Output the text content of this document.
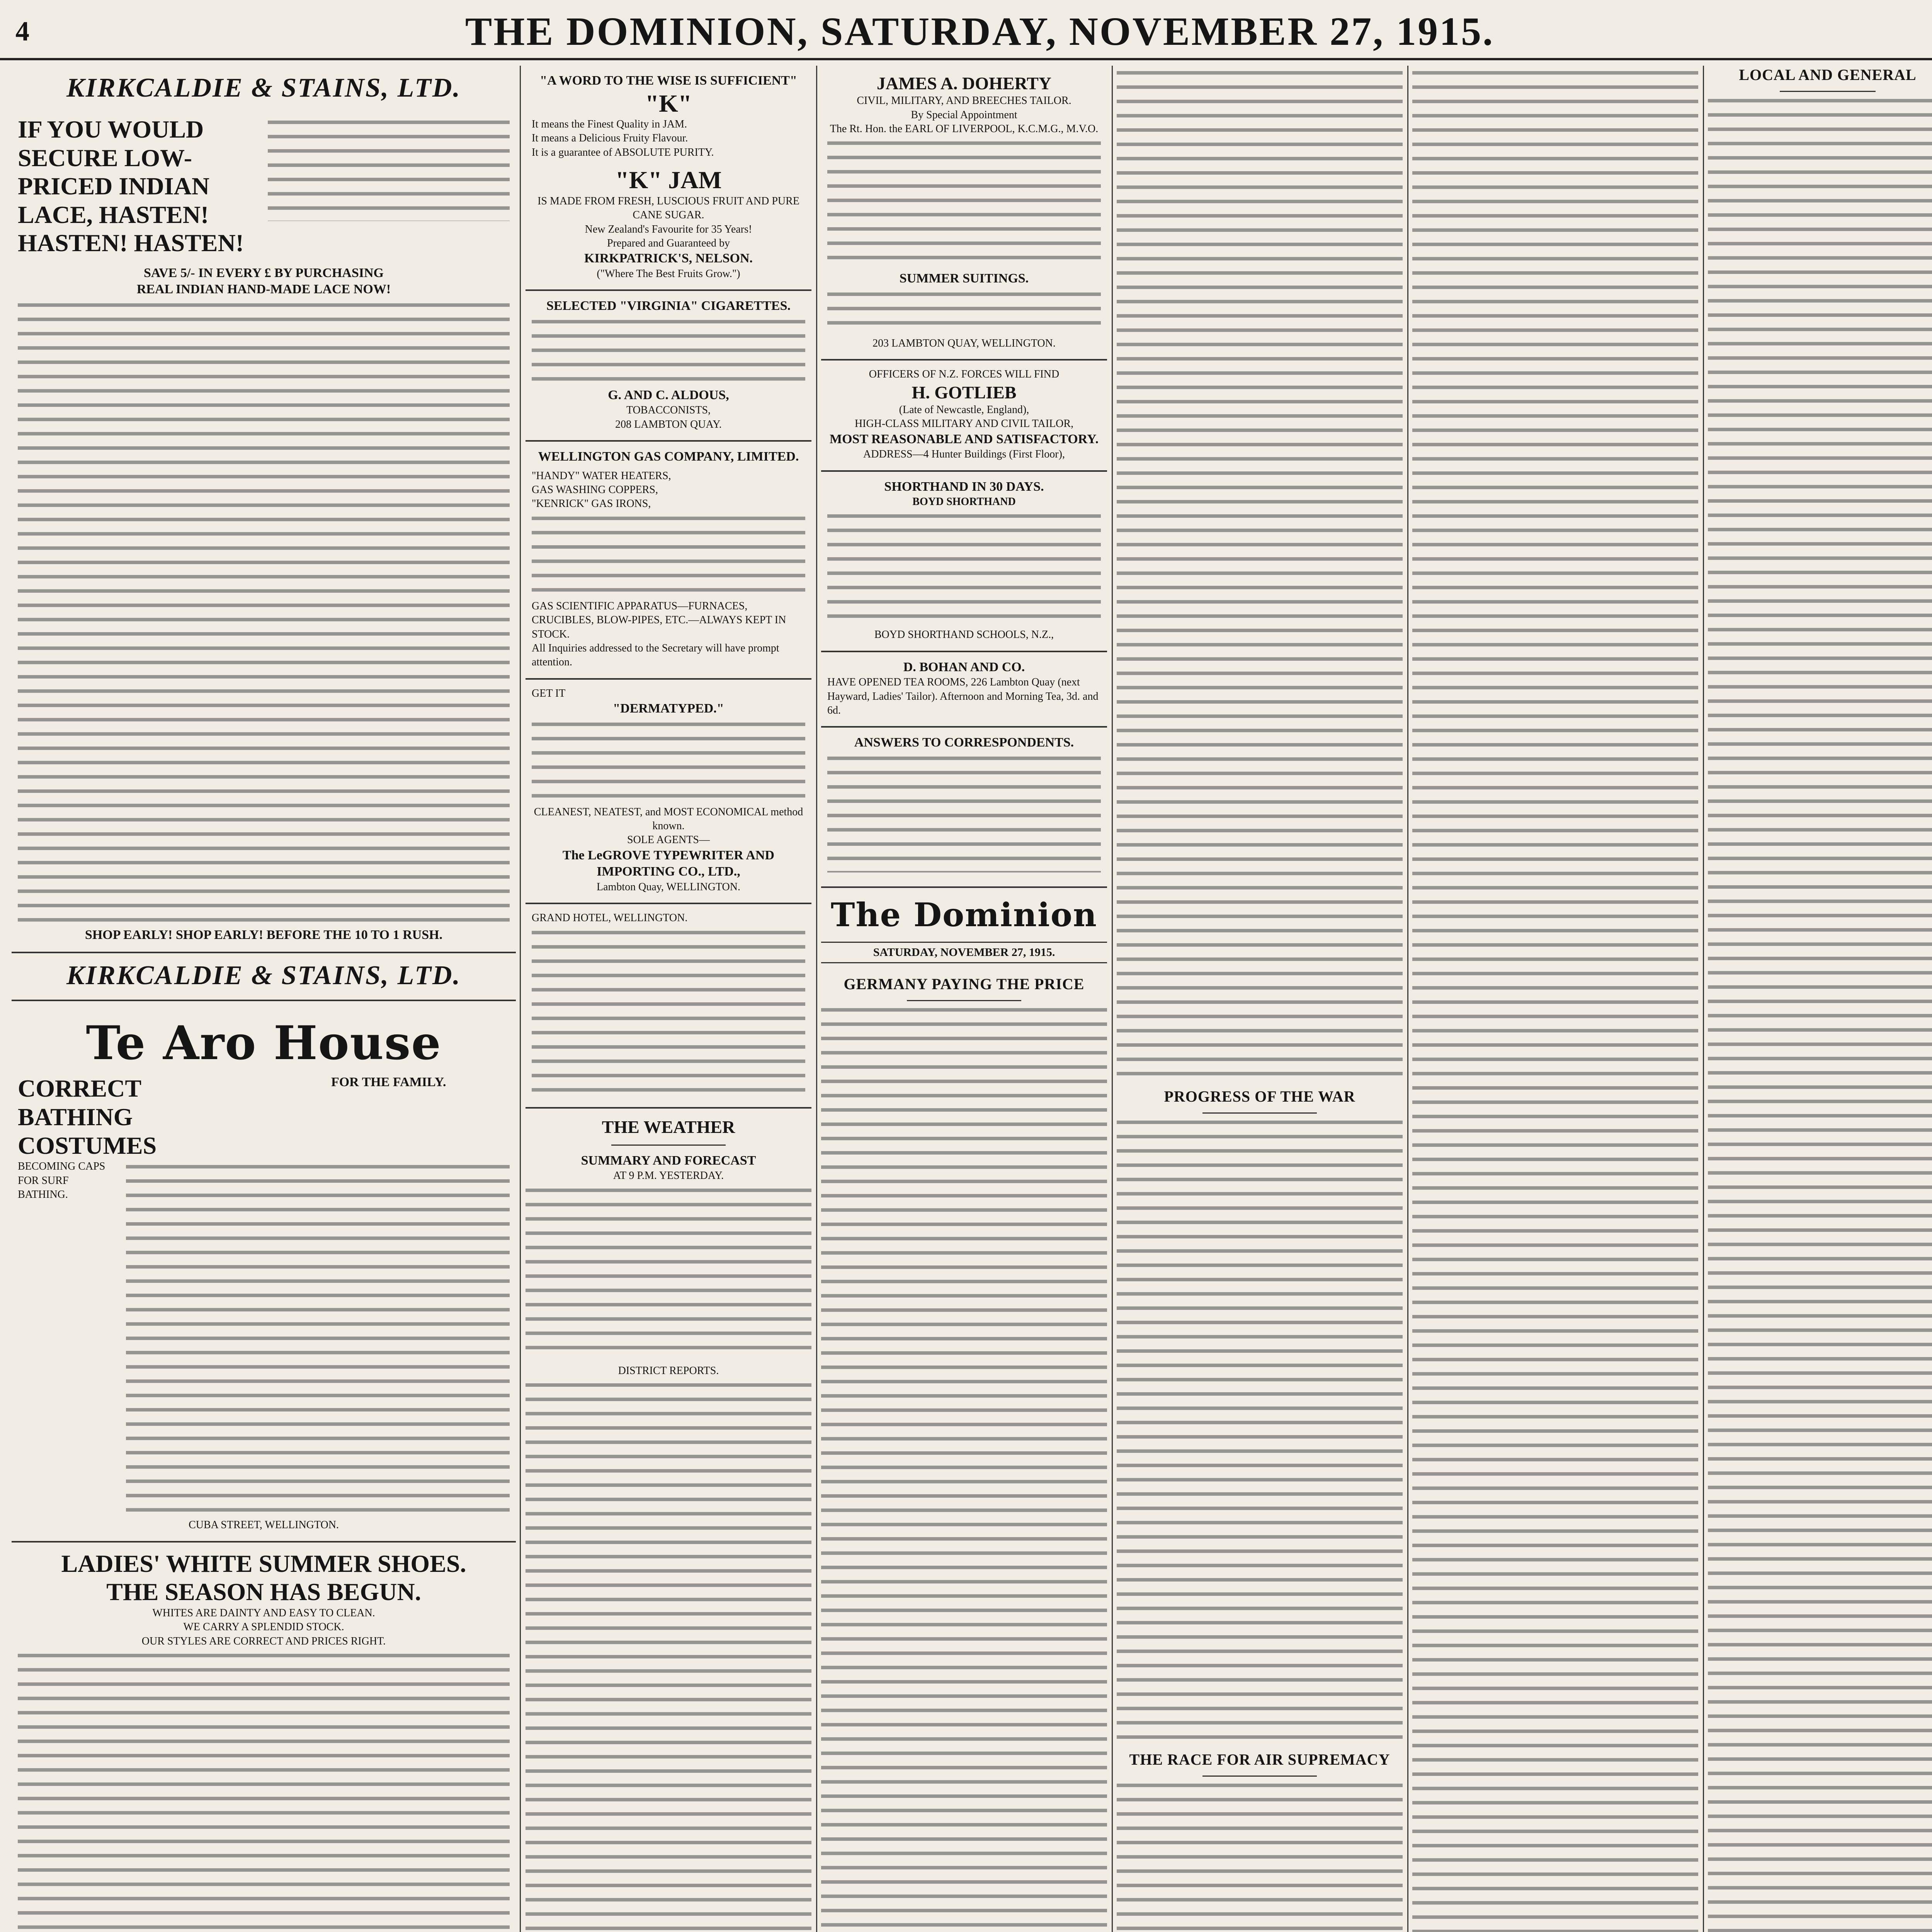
4	THE DOMINION, SATURDAY, NOVEMBER 27, 1915.
KIRKCALDIE & STAINS, LTD.
IF YOU WOULD SECURE LOW-PRICED INDIAN LACE, HASTEN! HASTEN! HASTEN!
SAVE 5/- IN EVERY £ BY PURCHASING
REAL INDIAN HAND-MADE LACE NOW!
SHOP EARLY! SHOP EARLY! BEFORE THE 10 TO 1 RUSH.
KIRKCALDIE & STAINS, LTD.
Te Aro House
CORRECT BATHING COSTUMES
FOR THE FAMILY.
BECOMING CAPS FOR SURF BATHING.
CUBA STREET, WELLINGTON.
LADIES' WHITE SUMMER SHOES.
THE SEASON HAS BEGUN.
WHITES ARE DAINTY AND EASY TO CLEAN.
WE CARRY A SPLENDID STOCK.
OUR STYLES ARE CORRECT AND PRICES RIGHT.
"A WORD TO THE WISE IS SUFFICIENT"
"K"
It means the Finest Quality in JAM.
It means a Delicious Fruity Flavour.
It is a guarantee of ABSOLUTE PURITY.
"K" JAM
IS MADE FROM FRESH, LUSCIOUS FRUIT AND PURE CANE SUGAR.
New Zealand's Favourite for 35 Years!
Prepared and Guaranteed by
KIRKPATRICK'S, NELSON.
("Where The Best Fruits Grow.")
SELECTED "VIRGINIA" CIGARETTES.
G. AND C. ALDOUS,
TOBACCONISTS,
208 LAMBTON QUAY.
WELLINGTON GAS COMPANY, LIMITED.
"HANDY" WATER HEATERS,
GAS WASHING COPPERS,
"KENRICK" GAS IRONS,
GAS SCIENTIFIC APPARATUS—FURNACES, CRUCIBLES, BLOW-PIPES, ETC.—ALWAYS KEPT IN STOCK.
All Inquiries addressed to the Secretary will have prompt attention.
GET IT
"DERMATYPED."
CLEANEST, NEATEST, and MOST ECONOMICAL method known.
SOLE AGENTS—
The LeGROVE TYPEWRITER AND IMPORTING CO., LTD.,
Lambton Quay, WELLINGTON.
GRAND HOTEL, WELLINGTON.
THE WEATHER
SUMMARY AND FORECAST
AT 9 P.M. YESTERDAY.
DISTRICT REPORTS.
JAMES A. DOHERTY
CIVIL, MILITARY, AND BREECHES TAILOR.
By Special Appointment
The Rt. Hon. the EARL OF LIVERPOOL, K.C.M.G., M.V.O.
SUMMER SUITINGS.
203 LAMBTON QUAY, WELLINGTON.
OFFICERS OF N.Z. FORCES WILL FIND
H. GOTLIEB
(Late of Newcastle, England),
HIGH-CLASS MILITARY AND CIVIL TAILOR,
MOST REASONABLE AND SATISFACTORY.
ADDRESS—4 Hunter Buildings (First Floor),
SHORTHAND IN 30 DAYS.
BOYD SHORTHAND
BOYD SHORTHAND SCHOOLS, N.Z.,
D. BOHAN AND CO.
HAVE OPENED TEA ROOMS, 226 Lambton Quay (next Hayward, Ladies' Tailor). Afternoon and Morning Tea, 3d. and 6d.
ANSWERS TO CORRESPONDENTS.
The Dominion
SATURDAY, NOVEMBER 27, 1915.
GERMANY PAYING THE PRICE
PROGRESS OF THE WAR
THE RACE FOR AIR SUPREMACY
LOCAL AND GENERAL
